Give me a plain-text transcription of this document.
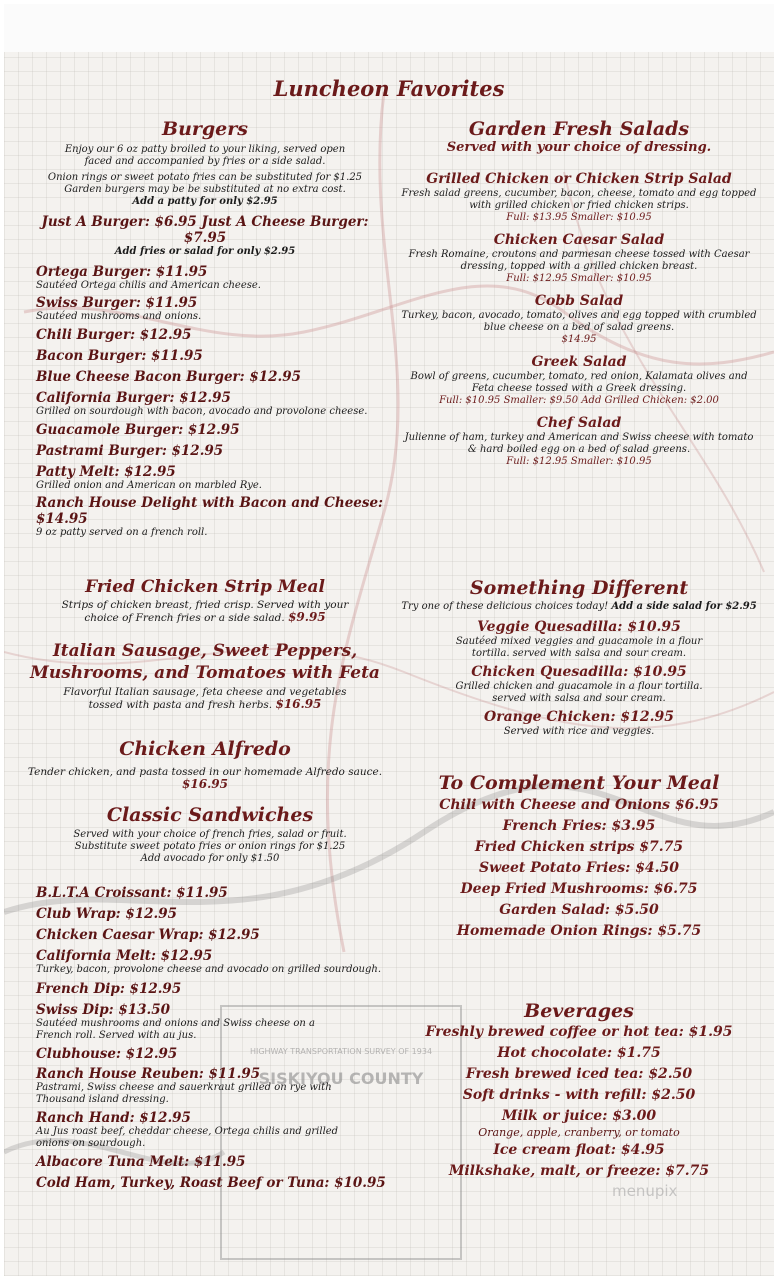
HIGHWAY TRANSPORTATION SURVEY OF 1934
SISKIYOU COUNTY
Luncheon Favorites
Burgers
Enjoy our 6 oz patty broiled to your liking, served open faced and accompanied by fries or a side salad.
Onion rings or sweet potato fries can be substituted for $1.25
Garden burgers may be be substituted at no extra cost.
Add a patty for only $2.95
Just A Burger: $6.95 Just A Cheese Burger: $7.95
Add fries or salad for only $2.95
Ortega Burger: $11.95
Sautéed Ortega chilis and American cheese.
Swiss Burger: $11.95
Sautéed mushrooms and onions.
Chili Burger: $12.95
Bacon Burger: $11.95
Blue Cheese Bacon Burger: $12.95
California Burger: $12.95
Grilled on sourdough with bacon, avocado and provolone cheese.
Guacamole Burger: $12.95
Pastrami Burger: $12.95
Patty Melt: $12.95
Grilled onion and American on marbled Rye.
Ranch House Delight with Bacon and Cheese: $14.95
9 oz patty served on a french roll.
Garden Fresh Salads
Served with your choice of dressing.
Grilled Chicken or Chicken Strip Salad
Fresh salad greens, cucumber, bacon, cheese, tomato and egg topped with grilled chicken or fried chicken strips.
Full: $13.95 Smaller: $10.95
Chicken Caesar Salad
Fresh Romaine, croutons and parmesan cheese tossed with Caesar dressing, topped with a grilled chicken breast.
Full: $12.95 Smaller: $10.95
Cobb Salad
Turkey, bacon, avocado, tomato, olives and egg topped with crumbled blue cheese on a bed of salad greens.
$14.95
Greek Salad
Bowl of greens, cucumber, tomato, red onion, Kalamata olives and Feta cheese tossed with a Greek dressing.
Full: $10.95 Smaller: $9.50 Add Grilled Chicken: $2.00
Chef Salad
Julienne of ham, turkey and American and Swiss cheese with tomato & hard boiled egg on a bed of salad greens.
Full: $12.95 Smaller: $10.95
Fried Chicken Strip Meal
Strips of chicken breast, fried crisp. Served with your choice of French fries or a side salad. $9.95
Italian Sausage, Sweet Peppers, Mushrooms, and Tomatoes with Feta
Flavorful Italian sausage, feta cheese and vegetables tossed with pasta and fresh herbs. $16.95
Chicken Alfredo
Tender chicken, and pasta tossed in our homemade Alfredo sauce. $16.95
Something Different
Try one of these delicious choices today! Add a side salad for $2.95
Veggie Quesadilla: $10.95
Sautéed mixed veggies and guacamole in a flour tortilla. served with salsa and sour cream.
Chicken Quesadilla: $10.95
Grilled chicken and guacamole in a flour tortilla. served with salsa and sour cream.
Orange Chicken: $12.95
Served with rice and veggies.
To Complement Your Meal
Chili with Cheese and Onions $6.95
French Fries: $3.95
Fried Chicken strips $7.75
Sweet Potato Fries: $4.50
Deep Fried Mushrooms: $6.75
Garden Salad: $5.50
Homemade Onion Rings: $5.75
Classic Sandwiches
Served with your choice of french fries, salad or fruit.
Substitute sweet potato fries or onion rings for $1.25
Add avocado for only $1.50
B.L.T.A Croissant: $11.95
Club Wrap: $12.95
Chicken Caesar Wrap: $12.95
California Melt: $12.95
Turkey, bacon, provolone cheese and avocado on grilled sourdough.
French Dip: $12.95
Swiss Dip: $13.50
Sautéed mushrooms and onions and Swiss cheese on a French roll. Served with au jus.
Clubhouse: $12.95
Ranch House Reuben: $11.95
Pastrami, Swiss cheese and sauerkraut grilled on rye with Thousand island dressing.
Ranch Hand: $12.95
Au Jus roast beef, cheddar cheese, Ortega chilis and grilled onions on sourdough.
Albacore Tuna Melt: $11.95
Cold Ham, Turkey, Roast Beef or Tuna: $10.95
Beverages
Freshly brewed coffee or hot tea: $1.95
Hot chocolate: $1.75
Fresh brewed iced tea: $2.50
Soft drinks - with refill: $2.50
Milk or juice: $3.00
Orange, apple, cranberry, or tomato
Ice cream float: $4.95
Milkshake, malt, or freeze: $7.75
menupix
